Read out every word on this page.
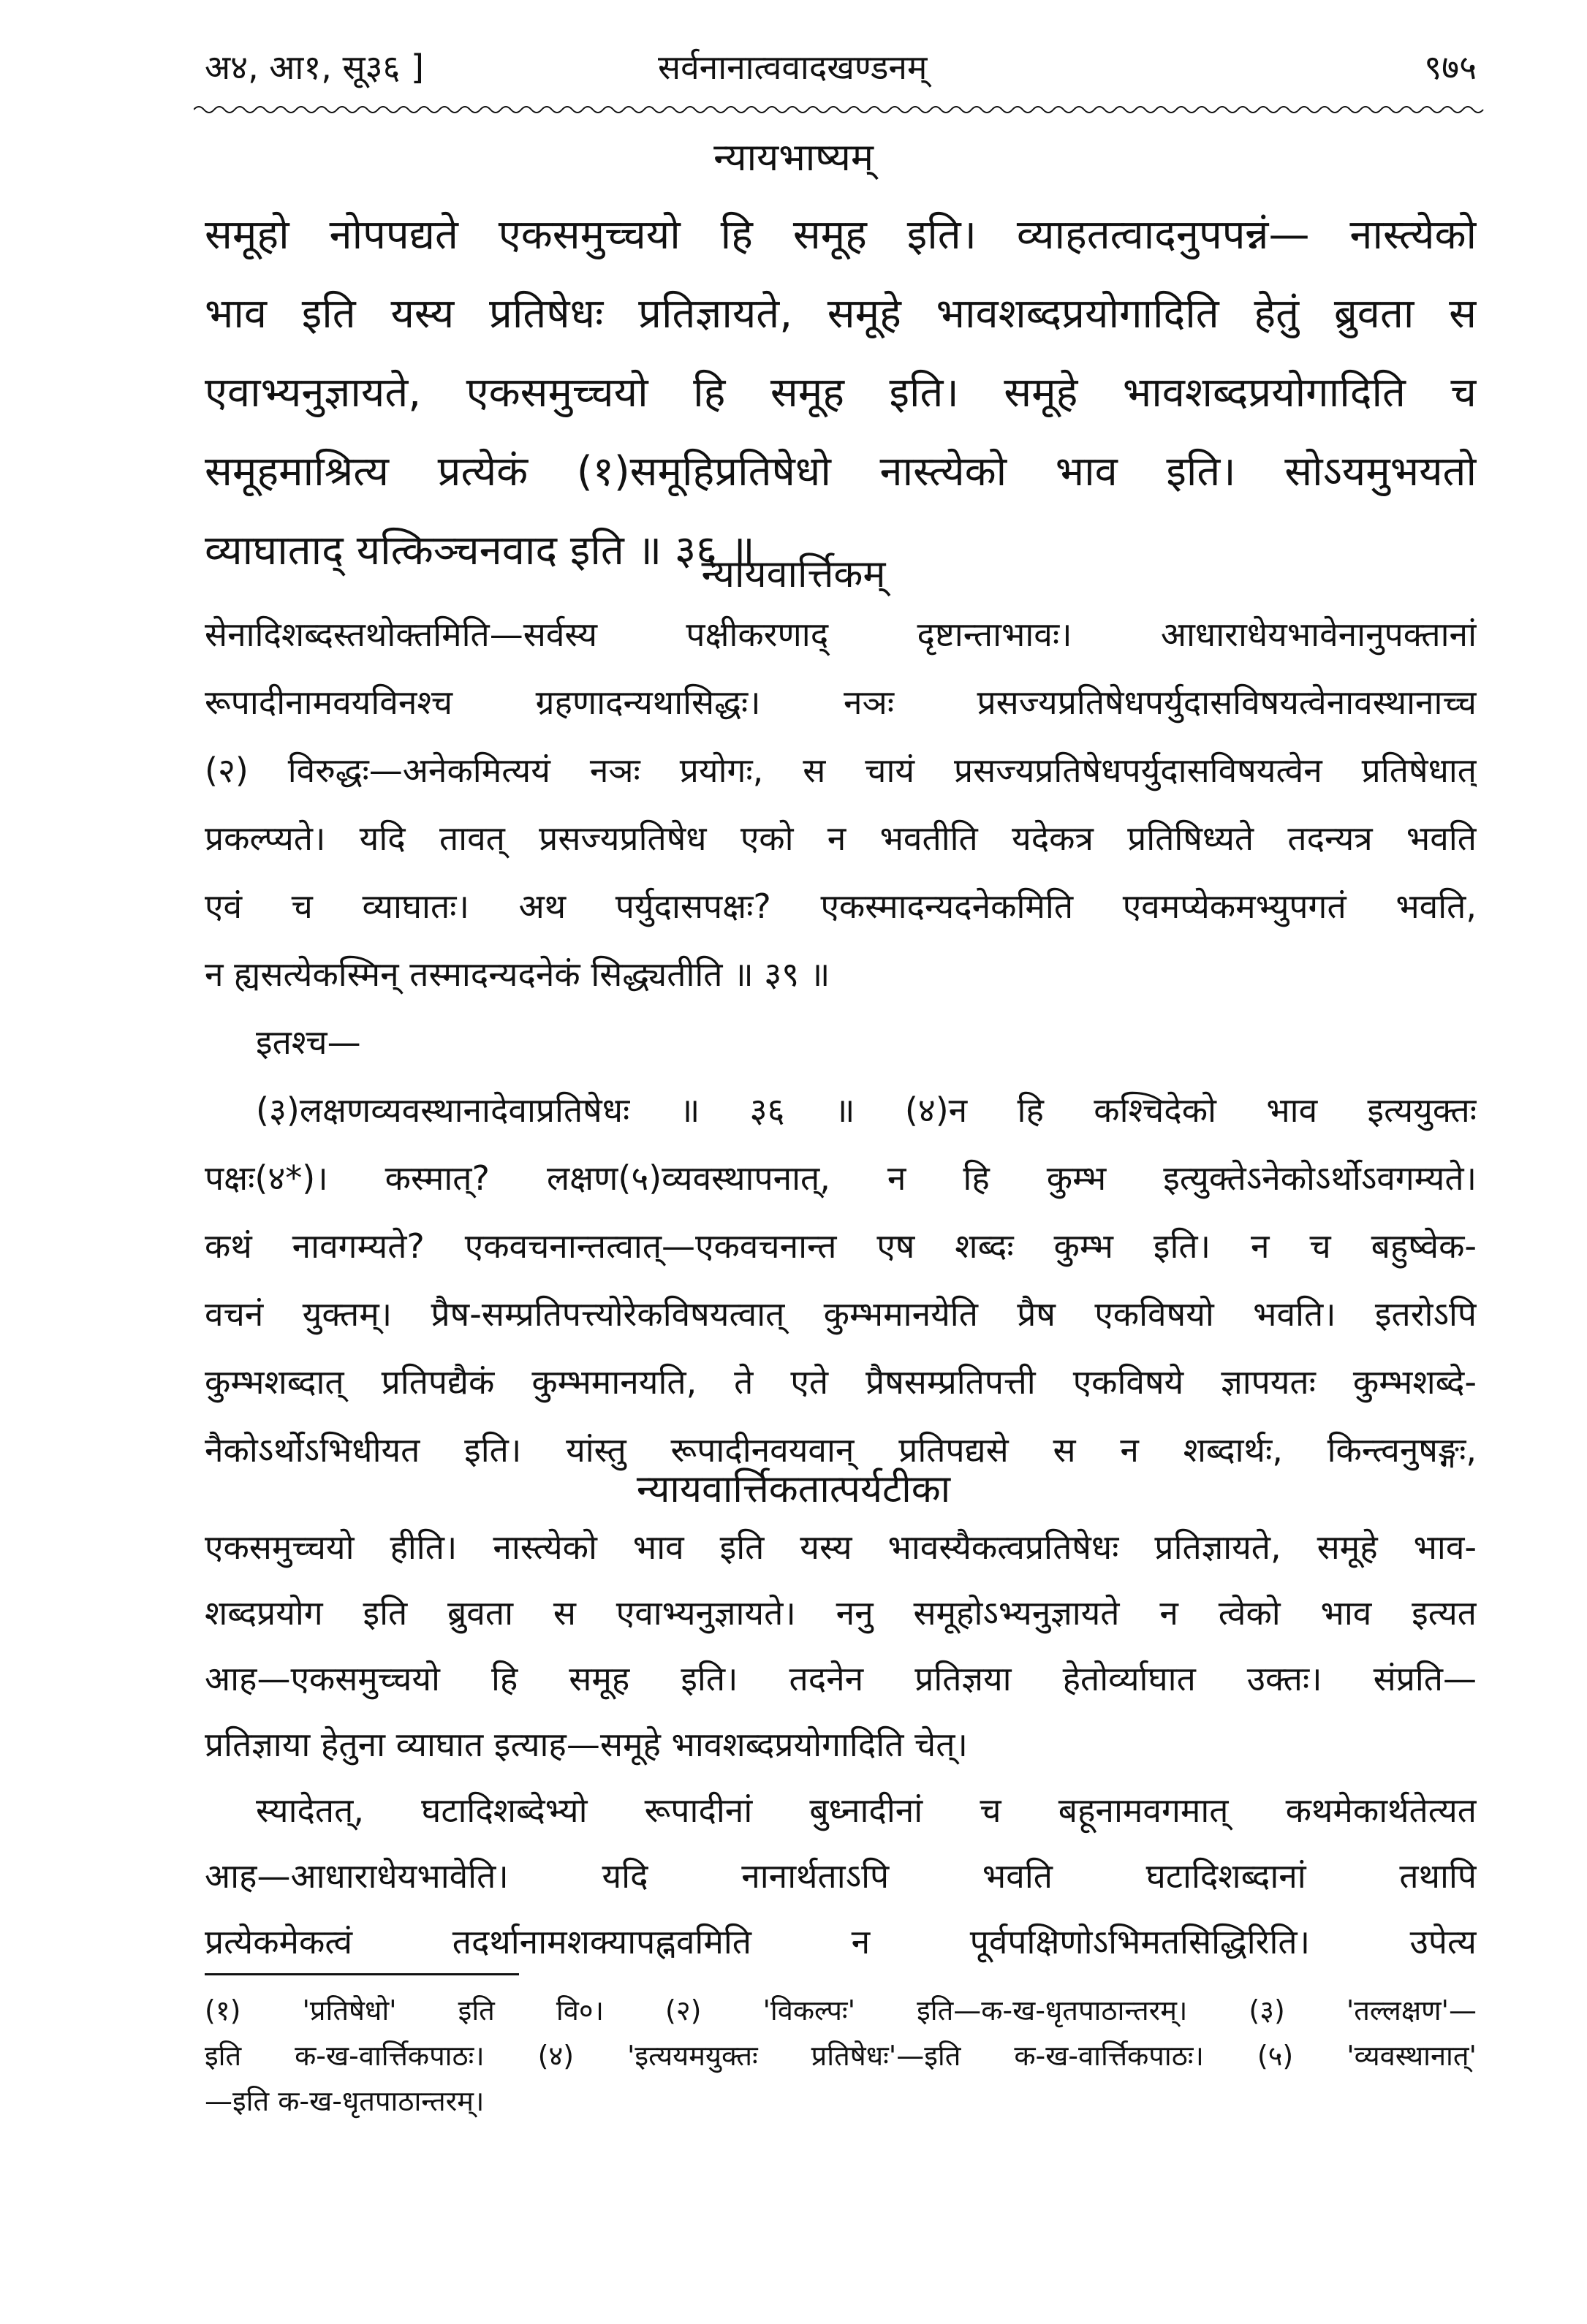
अ४, आ१, सू३६ ]	सर्वनानात्ववादखण्डनम्	९७५
न्यायभाष्यम्
समूहो नोपपद्यते एकसमुच्चयो हि समूह इति। व्याहतत्वादनुपपन्नं— नास्त्येको
भाव इति यस्य प्रतिषेधः प्रतिज्ञायते, समूहे भावशब्दप्रयोगादिति हेतुं ब्रुवता स
एवाभ्यनुज्ञायते, एकसमुच्चयो हि समूह इति। समूहे भावशब्दप्रयोगादिति च
समूहमाश्रित्य प्रत्येकं (१)समूहिप्रतिषेधो नास्त्येको भाव इति। सोऽयमुभयतो
व्याघाताद् यत्किञ्चनवाद इति ॥ ३६ ॥
न्यायवार्त्तिकम्
सेनादिशब्दस्तथोक्तमिति—सर्वस्य पक्षीकरणाद् दृष्टान्ताभावः। आधाराधेयभावेनानुपक्तानां
रूपादीनामवयविनश्च ग्रहणादन्यथासिद्धः। नञः प्रसज्यप्रतिषेधपर्युदासविषयत्वेनावस्थानाच्च
(२) विरुद्धः—अनेकमित्ययं नञः प्रयोगः, स चायं प्रसज्यप्रतिषेधपर्युदासविषयत्वेन प्रतिषेधात्
प्रकल्प्यते। यदि तावत् प्रसज्यप्रतिषेध एको न भवतीति यदेकत्र प्रतिषिध्यते तदन्यत्र भवति
एवं च व्याघातः। अथ पर्युदासपक्षः? एकस्मादन्यदनेकमिति एवमप्येकमभ्युपगतं भवति,
न ह्यसत्येकस्मिन् तस्मादन्यदनेकं सिद्ध्यतीति ॥ ३९ ॥
इतश्च—
(३)लक्षणव्यवस्थानादेवाप्रतिषेधः ॥ ३६ ॥ (४)न हि कश्चिदेको भाव इत्ययुक्तः
पक्षः(४*)। कस्मात्? लक्षण(५)व्यवस्थापनात्, न हि कुम्भ इत्युक्तेऽनेकोऽर्थोऽवगम्यते।
कथं नावगम्यते? एकवचनान्तत्वात्—एकवचनान्त एष शब्दः कुम्भ इति। न च बहुष्वेक-
वचनं युक्तम्। प्रैष-सम्प्रतिपत्त्योरेकविषयत्वात् कुम्भमानयेति प्रैष एकविषयो भवति। इतरोऽपि
कुम्भशब्दात् प्रतिपद्यैकं कुम्भमानयति, ते एते प्रैषसम्प्रतिपत्ती एकविषये ज्ञापयतः कुम्भशब्दे-
नैकोऽर्थोऽभिधीयत इति। यांस्तु रूपादीनवयवान् प्रतिपद्यसे स न शब्दार्थः, किन्त्वनुषङ्गः,
न्यायवार्त्तिकतात्पर्यटीका
एकसमुच्चयो हीति। नास्त्येको भाव इति यस्य भावस्यैकत्वप्रतिषेधः प्रतिज्ञायते, समूहे भाव-
शब्दप्रयोग इति ब्रुवता स एवाभ्यनुज्ञायते। ननु समूहोऽभ्यनुज्ञायते न त्वेको भाव इत्यत
आह—एकसमुच्चयो हि समूह इति। तदनेन प्रतिज्ञया हेतोर्व्याघात उक्तः। संप्रति—
प्रतिज्ञाया हेतुना व्याघात इत्याह—समूहे भावशब्दप्रयोगादिति चेत्।
स्यादेतत्, घटादिशब्देभ्यो रूपादीनां बुध्नादीनां च बहूनामवगमात् कथमेकार्थतेत्यत
आह—आधाराधेयभावेति। यदि नानार्थताऽपि भवति घटादिशब्दानां तथापि
प्रत्येकमेकत्वं तदर्थानामशक्यापह्नवमिति न पूर्वपक्षिणोऽभिमतसिद्धिरिति। उपेत्य
(१) 'प्रतिषेधो' इति वि०। (२) 'विकल्पः' इति—क-ख-धृतपाठान्तरम्। (३) 'तल्लक्षण'—
इति क-ख-वार्त्तिकपाठः। (४) 'इत्ययमयुक्तः प्रतिषेधः'—इति क-ख-वार्त्तिकपाठः। (५) 'व्यवस्थानात्'
—इति क-ख-धृतपाठान्तरम्।
